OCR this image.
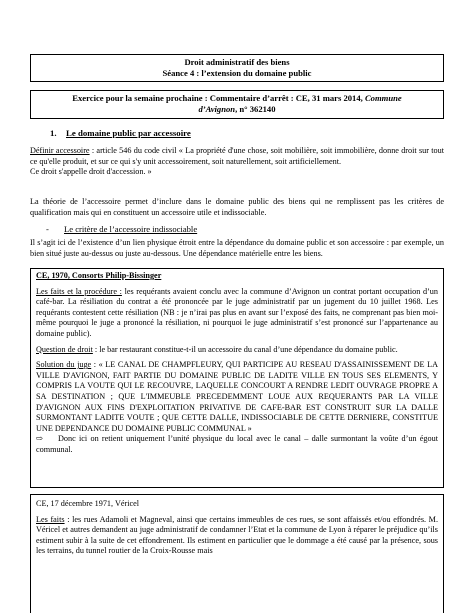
Droit administratif des biens
Séance 4 : l’extension du domaine public
Exercice pour la semaine prochaine : Commentaire d’arrêt : CE, 31 mars 2014, Commune
d’Avignon, n° 362140
1. Le domaine public par accessoire
Définir accessoire : article 546 du code civil « La propriété d'une chose, soit mobilière, soit immobilière, donne droit sur tout ce qu'elle produit, et sur ce qui s'y unit accessoirement, soit naturellement, soit artificiellement.
Ce droit s'appelle droit d'accession. »
La théorie de l’accessoire permet d’inclure dans le domaine public des biens qui ne remplissent pas les critères de qualification mais qui en constituent un accessoire utile et indissociable.
- Le critère de l’accessoire indissociable
Il s’agit ici de l’existence d’un lien physique étroit entre la dépendance du domaine public et son accessoire : par exemple, un bien situé juste au-dessus ou juste au-dessous. Une dépendance matérielle entre les biens.
CE, 1970, Consorts Philip-Bissinger
Les faits et la procédure : les requérants avaient conclu avec la commune d’Avignon un contrat portant occupation d’un café-bar. La résiliation du contrat a été prononcée par le juge administratif par un jugement du 10 juillet 1968. Les requérants contestent cette résiliation (NB : je n’irai pas plus en avant sur l’exposé des faits, ne comprenant pas bien moi-même pourquoi le juge a prononcé la résiliation, ni pourquoi le juge administratif s’est prononcé sur l’appartenance au domaine public).
Question de droit : le bar restaurant constitue-t-il un accessoire du canal d’une dépendance du domaine public.
Solution du juge : « LE CANAL DE CHAMPFLEURY, QUI PARTICIPE AU RESEAU D'ASSAINISSEMENT DE LA VILLE D'AVIGNON, FAIT PARTIE DU DOMAINE PUBLIC DE LADITE VILLE EN TOUS SES ELEMENTS, Y COMPRIS LA VOUTE QUI LE RECOUVRE, LAQUELLE CONCOURT A RENDRE LEDIT OUVRAGE PROPRE A SA DESTINATION ; QUE L'IMMEUBLE PRECEDEMMENT LOUE AUX REQUERANTS PAR LA VILLE D'AVIGNON AUX FINS D'EXPLOITATION PRIVATIVE DE CAFE-BAR EST CONSTRUIT SUR LA DALLE SURMONTANT LADITE VOUTE ; QUE CETTE DALLE, INDISSOCIABLE DE CETTE DERNIERE, CONSTITUE UNE DEPENDANCE DU DOMAINE PUBLIC COMMUNAL »
⇨ Donc ici on retient uniquement l’unité physique du local avec le canal – dalle surmontant la voûte d’un égout communal.
CE, 17 décembre 1971, Véricel
Les faits : les rues Adamoli et Magneval, ainsi que certains immeubles de ces rues, se sont affaissés et/ou effondrés. M. Véricel et autres demandent au juge administratif de condamner l’Etat et la commune de Lyon à réparer le préjudice qu’ils estiment subir à la suite de cet effondrement. Ils estiment en particulier que le dommage a été causé par la présence, sous les terrains, du tunnel routier de la Croix-Rousse mais
